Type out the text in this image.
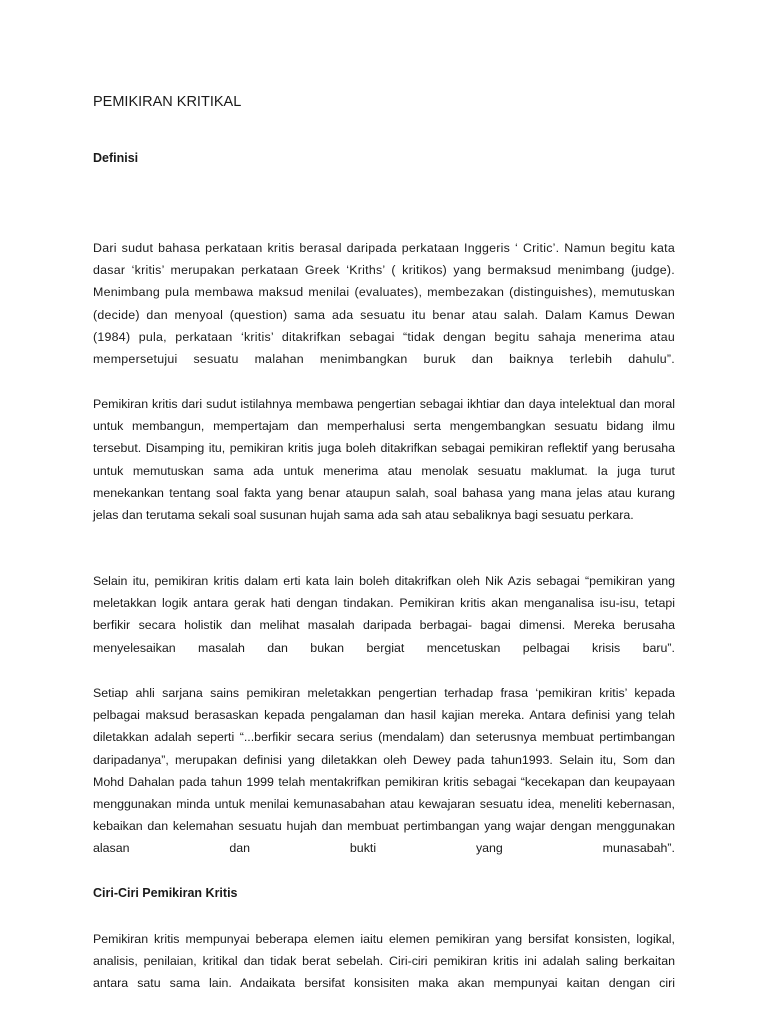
PEMIKIRAN KRITIKAL
Definisi

Dari sudut bahasa perkataan kritis berasal daripada perkataan Inggeris ‘ Critic’. Namun begitu kata dasar ‘kritis’ merupakan perkataan Greek ‘Kriths’ ( kritikos) yang bermaksud menimbang (judge). Menimbang pula membawa maksud menilai (evaluates), membezakan (distinguishes), memutuskan (decide) dan menyoal (question) sama ada sesuatu itu benar atau salah. Dalam Kamus Dewan (1984) pula, perkataan ‘kritis’ ditakrifkan sebagai “tidak dengan begitu sahaja menerima atau mempersetujui sesuatu malahan menimbangkan buruk dan baiknya terlebih dahulu”.

Pemikiran kritis dari sudut istilahnya membawa pengertian sebagai ikhtiar dan daya intelektual dan moral untuk membangun, mempertajam dan memperhalusi serta mengembangkan sesuatu bidang ilmu tersebut. Disamping itu, pemikiran kritis juga boleh ditakrifkan sebagai pemikiran reflektif yang berusaha untuk memutuskan sama ada untuk menerima atau menolak sesuatu maklumat. Ia juga turut menekankan tentang soal fakta yang benar ataupun salah, soal bahasa yang mana jelas atau kurang jelas dan terutama sekali soal susunan hujah sama ada sah atau sebaliknya bagi sesuatu perkara.

Selain itu, pemikiran kritis dalam erti kata lain boleh ditakrifkan oleh Nik Azis sebagai “pemikiran yang meletakkan logik antara gerak hati dengan tindakan. Pemikiran kritis akan menganalisa isu-isu, tetapi berfikir secara holistik dan melihat masalah daripada berbagai- bagai dimensi. Mereka berusaha menyelesaikan masalah dan bukan bergiat mencetuskan pelbagai krisis baru”.

Setiap ahli sarjana sains pemikiran meletakkan pengertian terhadap frasa ‘pemikiran kritis’ kepada pelbagai maksud berasaskan kepada pengalaman dan hasil kajian mereka. Antara definisi yang telah diletakkan adalah seperti “...berfikir secara serius (mendalam) dan seterusnya membuat pertimbangan daripadanya”, merupakan definisi yang diletakkan oleh Dewey pada tahun1993. Selain itu, Som dan Mohd Dahalan pada tahun 1999 telah mentakrifkan pemikiran kritis sebagai “kecekapan dan keupayaan menggunakan minda untuk menilai kemunasabahan atau kewajaran sesuatu idea, meneliti kebernasan, kebaikan dan kelemahan sesuatu hujah dan membuat pertimbangan yang wajar dengan menggunakan alasan dan bukti yang munasabah”.

Ciri-Ciri Pemikiran Kritis

Pemikiran kritis mempunyai beberapa elemen iaitu elemen pemikiran yang bersifat konsisten, logikal, analisis, penilaian, kritikal dan tidak berat sebelah. Ciri-ciri pemikiran kritis ini adalah saling berkaitan antara satu sama lain. Andaikata bersifat konsisiten maka akan mempunyai kaitan dengan ciri
